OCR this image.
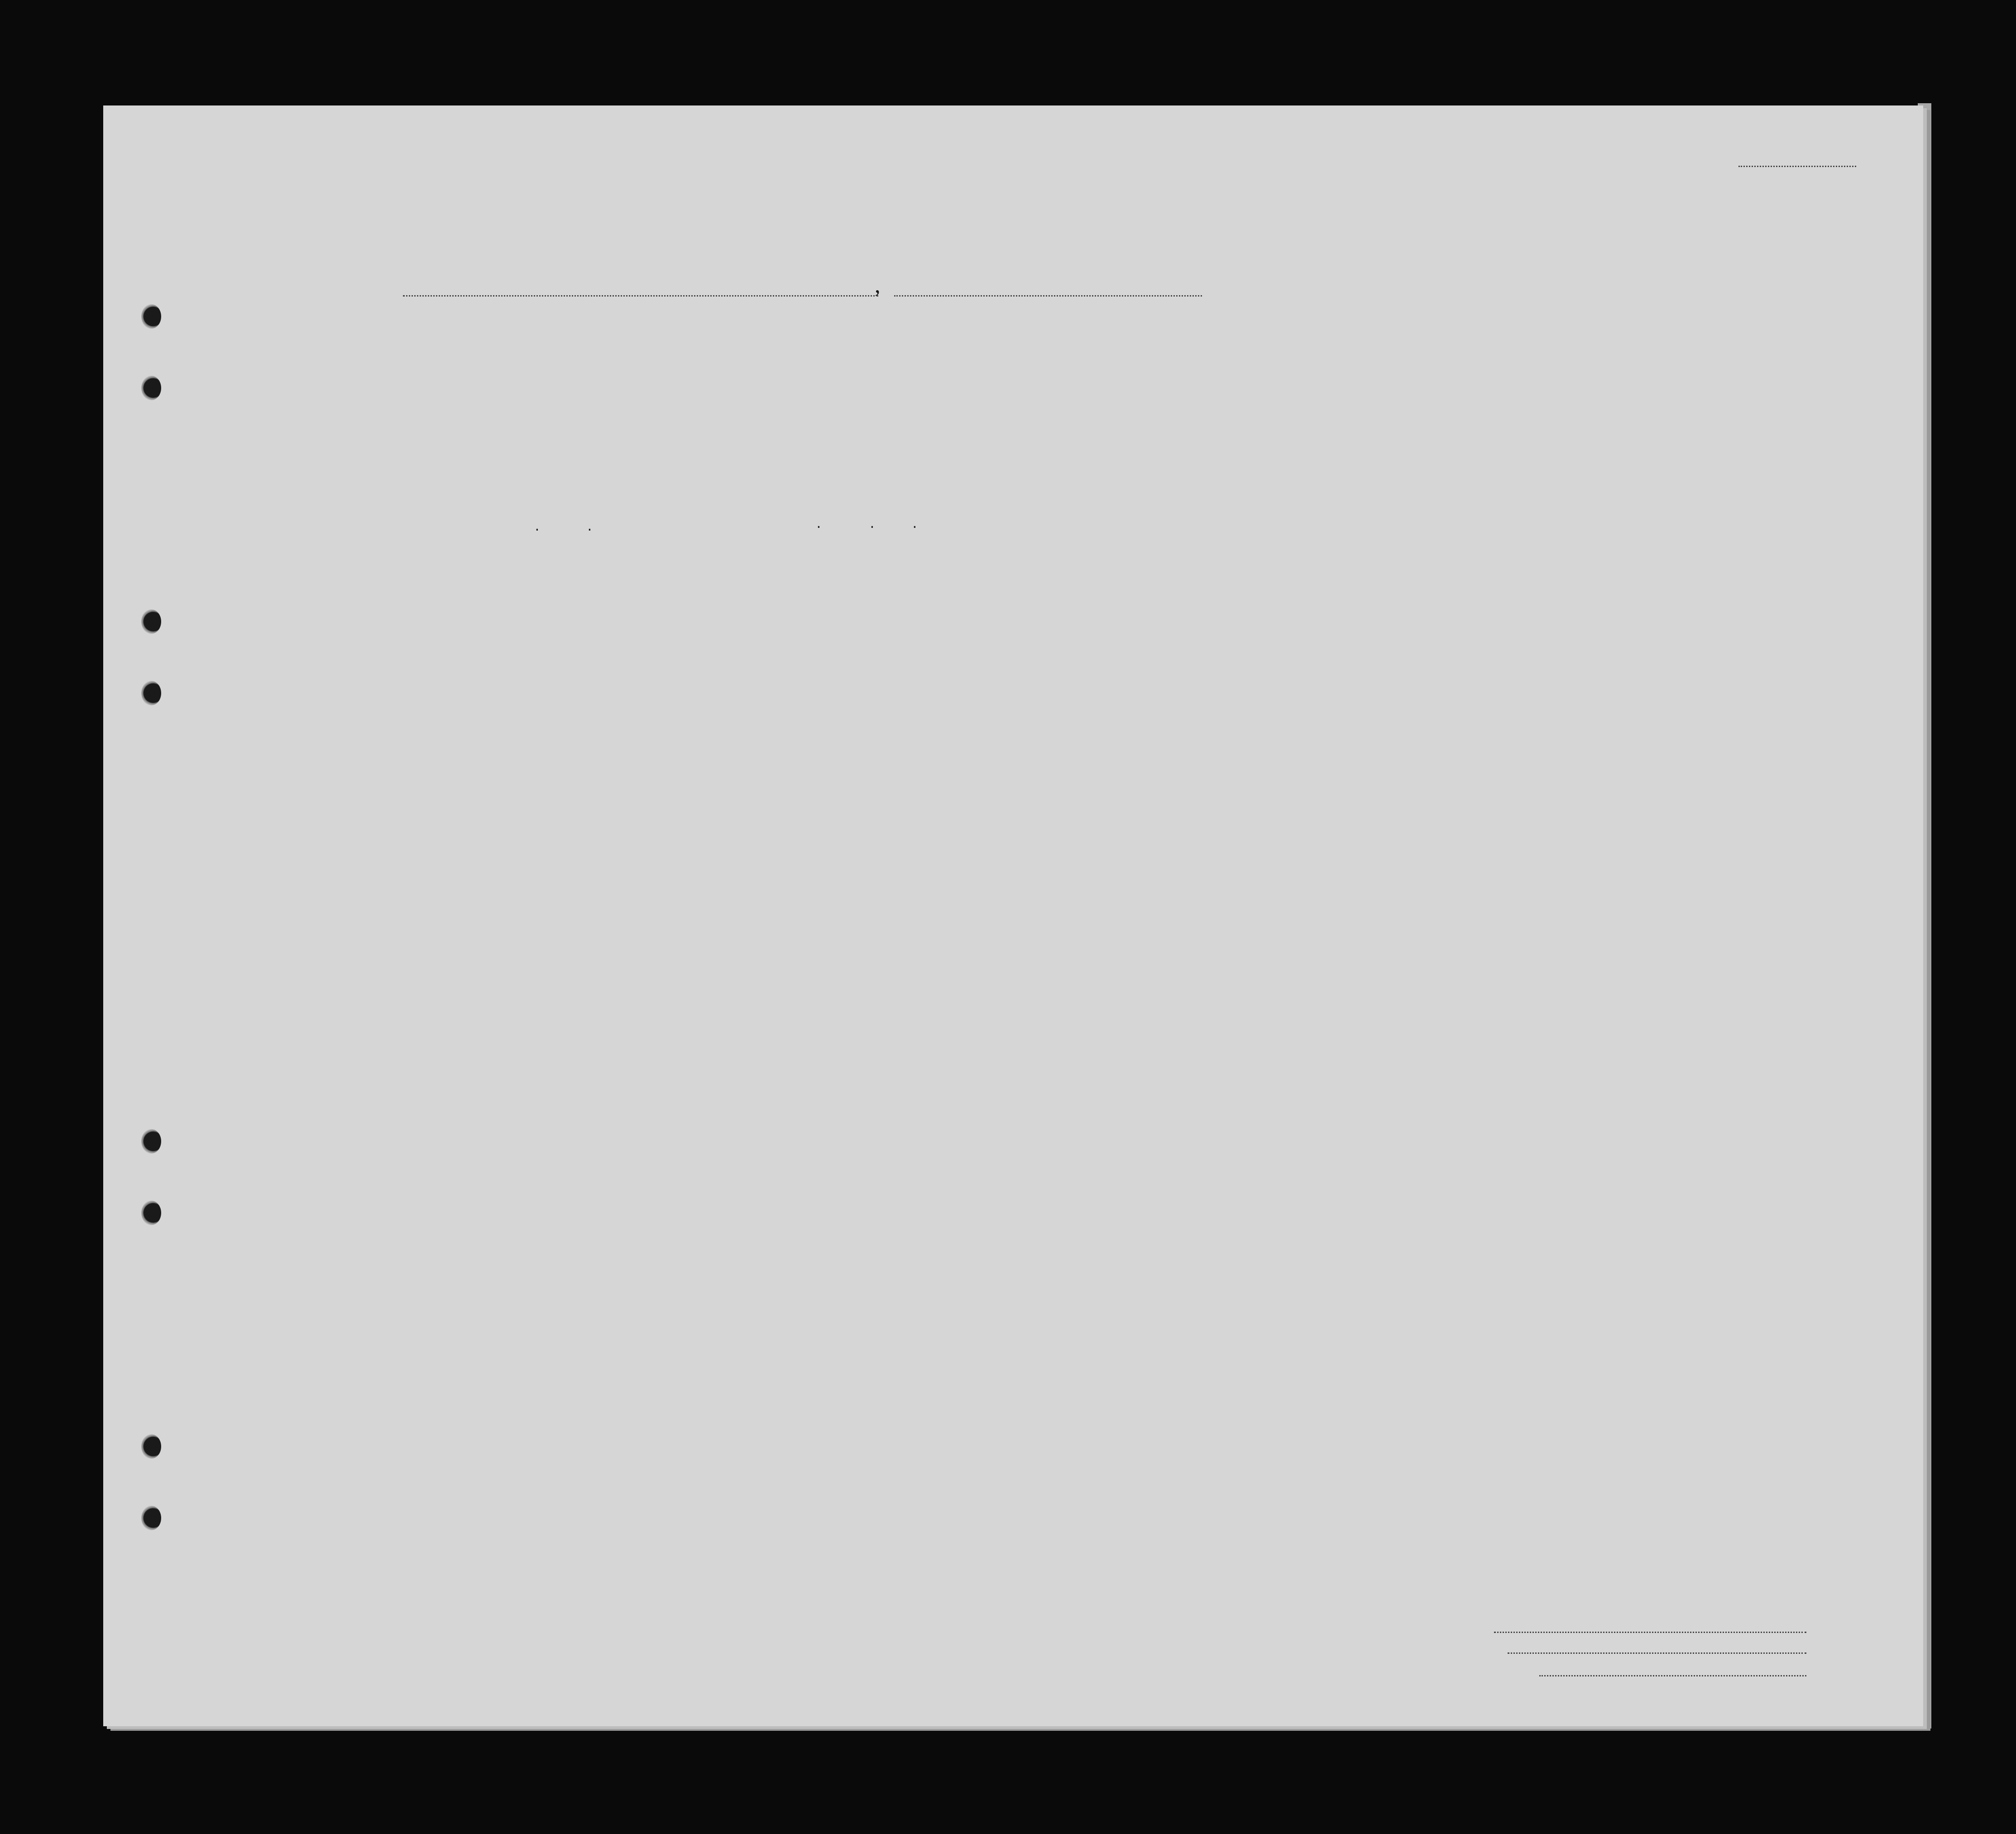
,
.	.	.	.	.
